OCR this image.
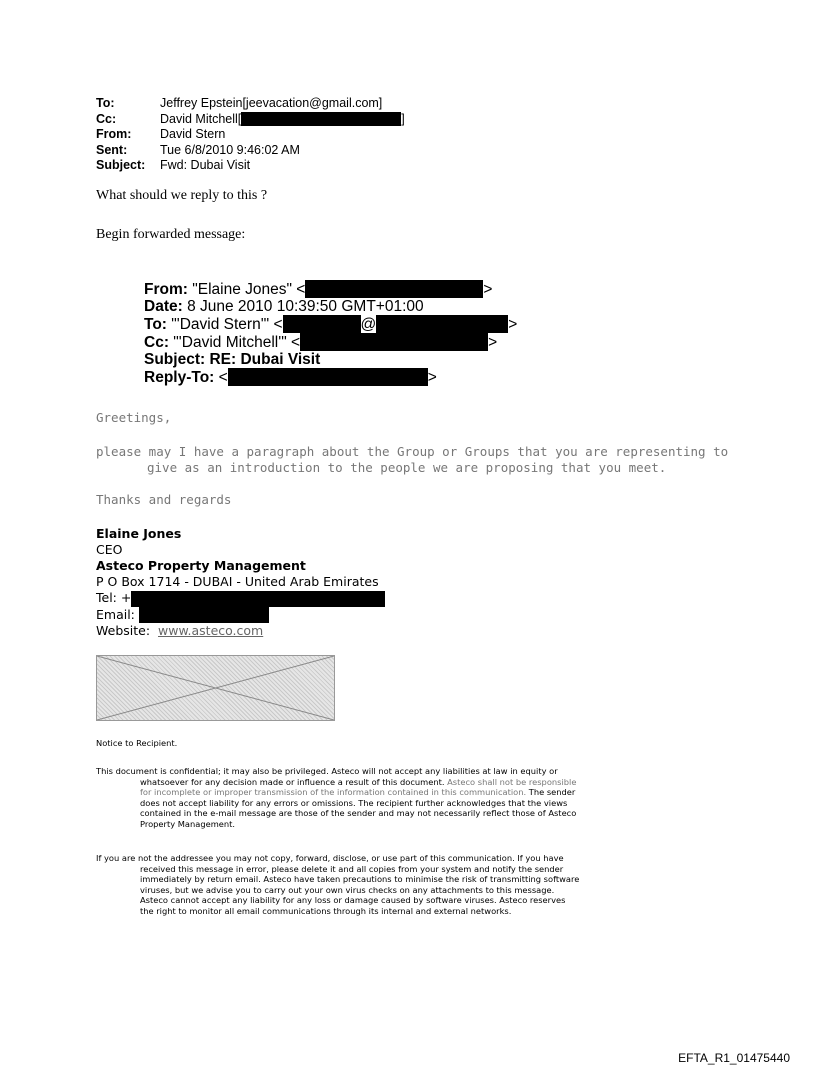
To:	Jeffrey Epstein[jeevacation@gmail.com]
Cc:	David Mitchell[	]
From:	David Stern
Sent:	Tue 6/8/2010 9:46:02 AM
Subject:	Fwd: Dubai Visit
What should we reply to this ?
Begin forwarded message:
From:
"Elaine Jones" <	>
Date:
8 June 2010 10:39:50 GMT+01:00
To:
"'David Stern'" <	@	>
Cc:
"'David Mitchell'" <	>
Subject: RE: Dubai Visit
Reply-To:
<	>
Greetings,
please may I have a paragraph about the Group or Groups that you are representing to
give as an introduction to the people we are proposing that you meet.
Thanks and regards
Elaine Jones
CEO
Asteco Property Management
P O Box 1714 - DUBAI - United Arab Emirates
Tel: +
Email:
Website: www.asteco.com
Notice to Recipient.
This document is confidential; it may also be privileged. Asteco will not accept any liabilities at law in equity or
whatsoever for any decision made or influence a result of this document. Asteco shall not be responsible
for incomplete or improper transmission of the information contained in this communication. The sender
does not accept liability for any errors or omissions. The recipient further acknowledges that the views
contained in the e-mail message are those of the sender and may not necessarily reflect those of Asteco
Property Management.
If you are not the addressee you may not copy, forward, disclose, or use part of this communication. If you have
received this message in error, please delete it and all copies from your system and notify the sender
immediately by return email. Asteco have taken precautions to minimise the risk of transmitting software
viruses, but we advise you to carry out your own virus checks on any attachments to this message.
Asteco cannot accept any liability for any loss or damage caused by software viruses. Asteco reserves
the right to monitor all email communications through its internal and external networks.
EFTA_R1_01475440
